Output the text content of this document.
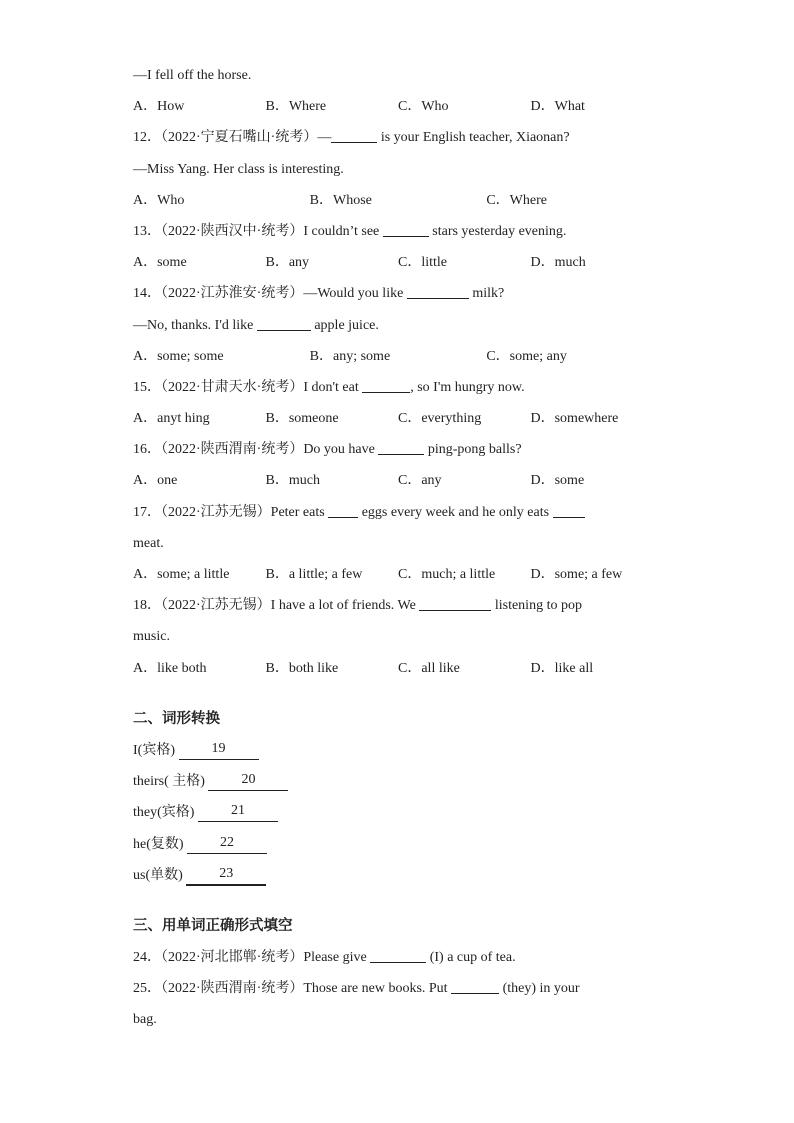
—I fell off the horse.
A．How	B．Where	C．Who	D．What
12．（2022·宁夏石嘴山·统考）—	is your English teacher, Xiaonan?
—Miss Yang. Her class is interesting.
A．Who	B．Whose	C．Where
13．（2022·陕西汉中·统考）I couldn’t see	stars yesterday evening.
A．some	B．any	C．little	D．much
14．（2022·江苏淮安·统考）—Would you like	milk?
—No, thanks. I'd like	apple juice.
A．some; some	B．any; some	C．some; any
15．（2022·甘肃天水·统考）I don't eat	, so I'm hungry now.
A．anyt hing	B．someone	C．everything	D．somewhere
16．（2022·陕西渭南·统考）Do you have	ping-pong balls?
A．one	B．much	C．any	D．some
17．（2022·江苏无锡）Peter eats  eggs every week and he only eats
meat.
A．some; a little	B．a little; a few	C．much; a little	D．some; a few
18．（2022·江苏无锡）I have a lot of friends. We	listening to pop
music.
A．like both	B．both like	C．all like	D．like all
二、词形转换
I(宾格) 19
theirs( 主格) 20
they(宾格) 21
he(复数) 22
us(单数) 23
三、用单词正确形式填空
24．（2022·河北邯郸·统考）Please give	(I) a cup of tea.
25．（2022·陕西渭南·统考）Those are new books. Put	(they) in your
bag.
